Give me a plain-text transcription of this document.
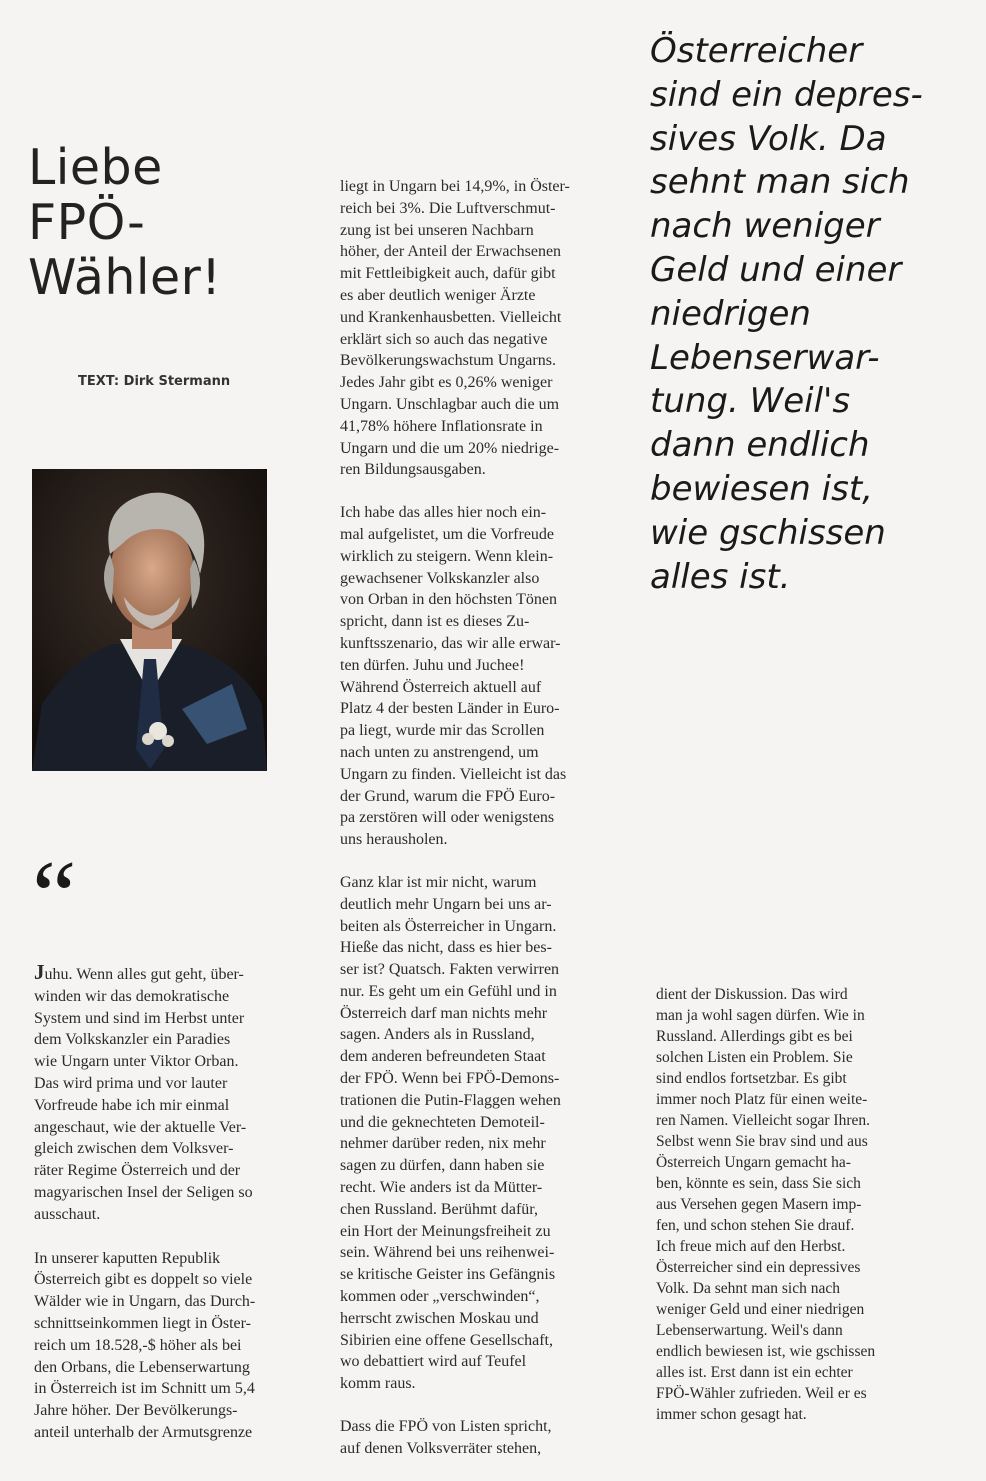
Liebe
FPÖ-
Wähler!
TEXT: Dirk Stermann
“

Juhu. Wenn alles gut geht, über-
winden wir das demokratische
System und sind im Herbst unter
dem Volkskanzler ein Paradies
wie Ungarn unter Viktor Orban.
Das wird prima und vor lauter
Vorfreude habe ich mir einmal
angeschaut, wie der aktuelle Ver-
gleich zwischen dem Volksver-
räter Regime Österreich und der
magyarischen Insel der Seligen so
ausschaut.

In unserer kaputten Republik
Österreich gibt es doppelt so viele
Wälder wie in Ungarn, das Durch-
schnittseinkommen liegt in Öster-
reich um 18.528,-$ höher als bei
den Orbans, die Lebenserwartung
in Österreich ist im Schnitt um 5,4
Jahre höher. Der Bevölkerungs-
anteil unterhalb der Armutsgrenze

liegt in Ungarn bei 14,9%, in Öster-
reich bei 3%. Die Luftverschmut-
zung ist bei unseren Nachbarn
höher, der Anteil der Erwachsenen
mit Fettleibigkeit auch, dafür gibt
es aber deutlich weniger Ärzte
und Krankenhausbetten. Vielleicht
erklärt sich so auch das negative
Bevölkerungswachstum Ungarns.
Jedes Jahr gibt es 0,26% weniger
Ungarn. Unschlagbar auch die um
41,78% höhere Inflationsrate in
Ungarn und die um 20% niedrige-
ren Bildungsausgaben.

Ich habe das alles hier noch ein-
mal aufgelistet, um die Vorfreude
wirklich zu steigern. Wenn klein-
gewachsener Volkskanzler also
von Orban in den höchsten Tönen
spricht, dann ist es dieses Zu-
kunftsszenario, das wir alle erwar-
ten dürfen. Juhu und Juchee!
Während Österreich aktuell auf
Platz 4 der besten Länder in Euro-
pa liegt, wurde mir das Scrollen
nach unten zu anstrengend, um
Ungarn zu finden. Vielleicht ist das
der Grund, warum die FPÖ Euro-
pa zerstören will oder wenigstens
uns herausholen.

Ganz klar ist mir nicht, warum
deutlich mehr Ungarn bei uns ar-
beiten als Österreicher in Ungarn.
Hieße das nicht, dass es hier bes-
ser ist? Quatsch. Fakten verwirren
nur. Es geht um ein Gefühl und in
Österreich darf man nichts mehr
sagen. Anders als in Russland,
dem anderen befreundeten Staat
der FPÖ. Wenn bei FPÖ-Demons-
trationen die Putin-Flaggen wehen
und die geknechteten Demoteil-
nehmer darüber reden, nix mehr
sagen zu dürfen, dann haben sie
recht. Wie anders ist da Mütter-
chen Russland. Berühmt dafür,
ein Hort der Meinungsfreiheit zu
sein. Während bei uns reihenwei-
se kritische Geister ins Gefängnis
kommen oder „verschwinden“,
herrscht zwischen Moskau und
Sibirien eine offene Gesellschaft,
wo debattiert wird auf Teufel
komm raus.

Dass die FPÖ von Listen spricht,
auf denen Volksverräter stehen,

Österreicher
sind ein depres-
sives Volk. Da
sehnt man sich
nach weniger
Geld und einer
niedrigen
Lebenserwar-
tung. Weil's
dann endlich
bewiesen ist,
wie gschissen
alles ist.

dient der Diskussion. Das wird
man ja wohl sagen dürfen. Wie in
Russland. Allerdings gibt es bei
solchen Listen ein Problem. Sie
sind endlos fortsetzbar. Es gibt
immer noch Platz für einen weite-
ren Namen. Vielleicht sogar Ihren.
Selbst wenn Sie brav sind und aus
Österreich Ungarn gemacht ha-
ben, könnte es sein, dass Sie sich
aus Versehen gegen Masern imp-
fen, und schon stehen Sie drauf.
Ich freue mich auf den Herbst.
Österreicher sind ein depressives
Volk. Da sehnt man sich nach
weniger Geld und einer niedrigen
Lebenserwartung. Weil's dann
endlich bewiesen ist, wie gschissen
alles ist. Erst dann ist ein echter
FPÖ-Wähler zufrieden. Weil er es
immer schon gesagt hat.
